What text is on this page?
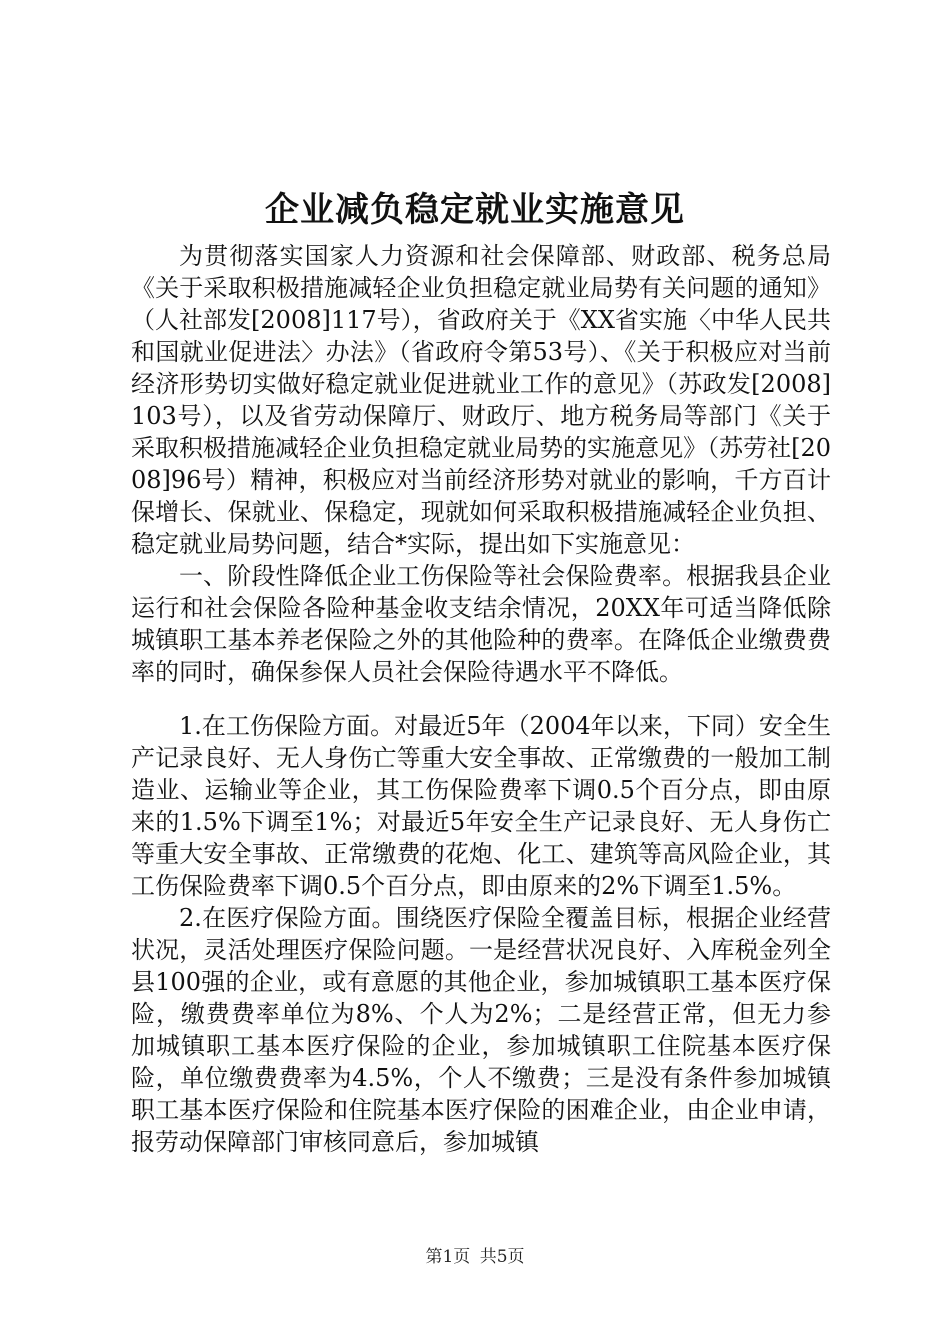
企业减负稳定就业实施意见

为贯彻落实国家人力资源和社会保障部、财政部、税务总局《关于采取积极措施减轻企业负担稳定就业局势有关问题的通知》（人社部发[2008]117号），省政府关于《XX省实施〈中华人民共和国就业促进法〉办法》（省政府令第53号）、《关于积极应对当前经济形势切实做好稳定就业促进就业工作的意见》（苏政发[2008]103号），以及省劳动保障厅、财政厅、地方税务局等部门《关于采取积极措施减轻企业负担稳定就业局势的实施意见》（苏劳社[2008]96号）精神，积极应对当前经济形势对就业的影响，千方百计保增长、保就业、保稳定，现就如何采取积极措施减轻企业负担、稳定就业局势问题，结合*实际，提出如下实施意见：

一、阶段性降低企业工伤保险等社会保险费率。根据我县企业运行和社会保险各险种基金收支结余情况，20XX年可适当降低除城镇职工基本养老保险之外的其他险种的费率。在降低企业缴费费率的同时，确保参保人员社会保险待遇水平不降低。

1.在工伤保险方面。对最近5年（2004年以来，下同）安全生产记录良好、无人身伤亡等重大安全事故、正常缴费的一般加工制造业、运输业等企业，其工伤保险费率下调0.5个百分点，即由原来的1.5%下调至1%；对最近5年安全生产记录良好、无人身伤亡等重大安全事故、正常缴费的花炮、化工、建筑等高风险企业，其工伤保险费率下调0.5个百分点，即由原来的2%下调至1.5%。

2.在医疗保险方面。围绕医疗保险全覆盖目标，根据企业经营状况，灵活处理医疗保险问题。一是经营状况良好、入库税金列全县100强的企业，或有意愿的其他企业，参加城镇职工基本医疗保险，缴费费率单位为8%、个人为2%；二是经营正常，但无力参加城镇职工基本医疗保险的企业，参加城镇职工住院基本医疗保险，单位缴费费率为4.5%，个人不缴费；三是没有条件参加城镇职工基本医疗保险和住院基本医疗保险的困难企业，由企业申请，报劳动保障部门审核同意后，参加城镇

第1页 共5页
